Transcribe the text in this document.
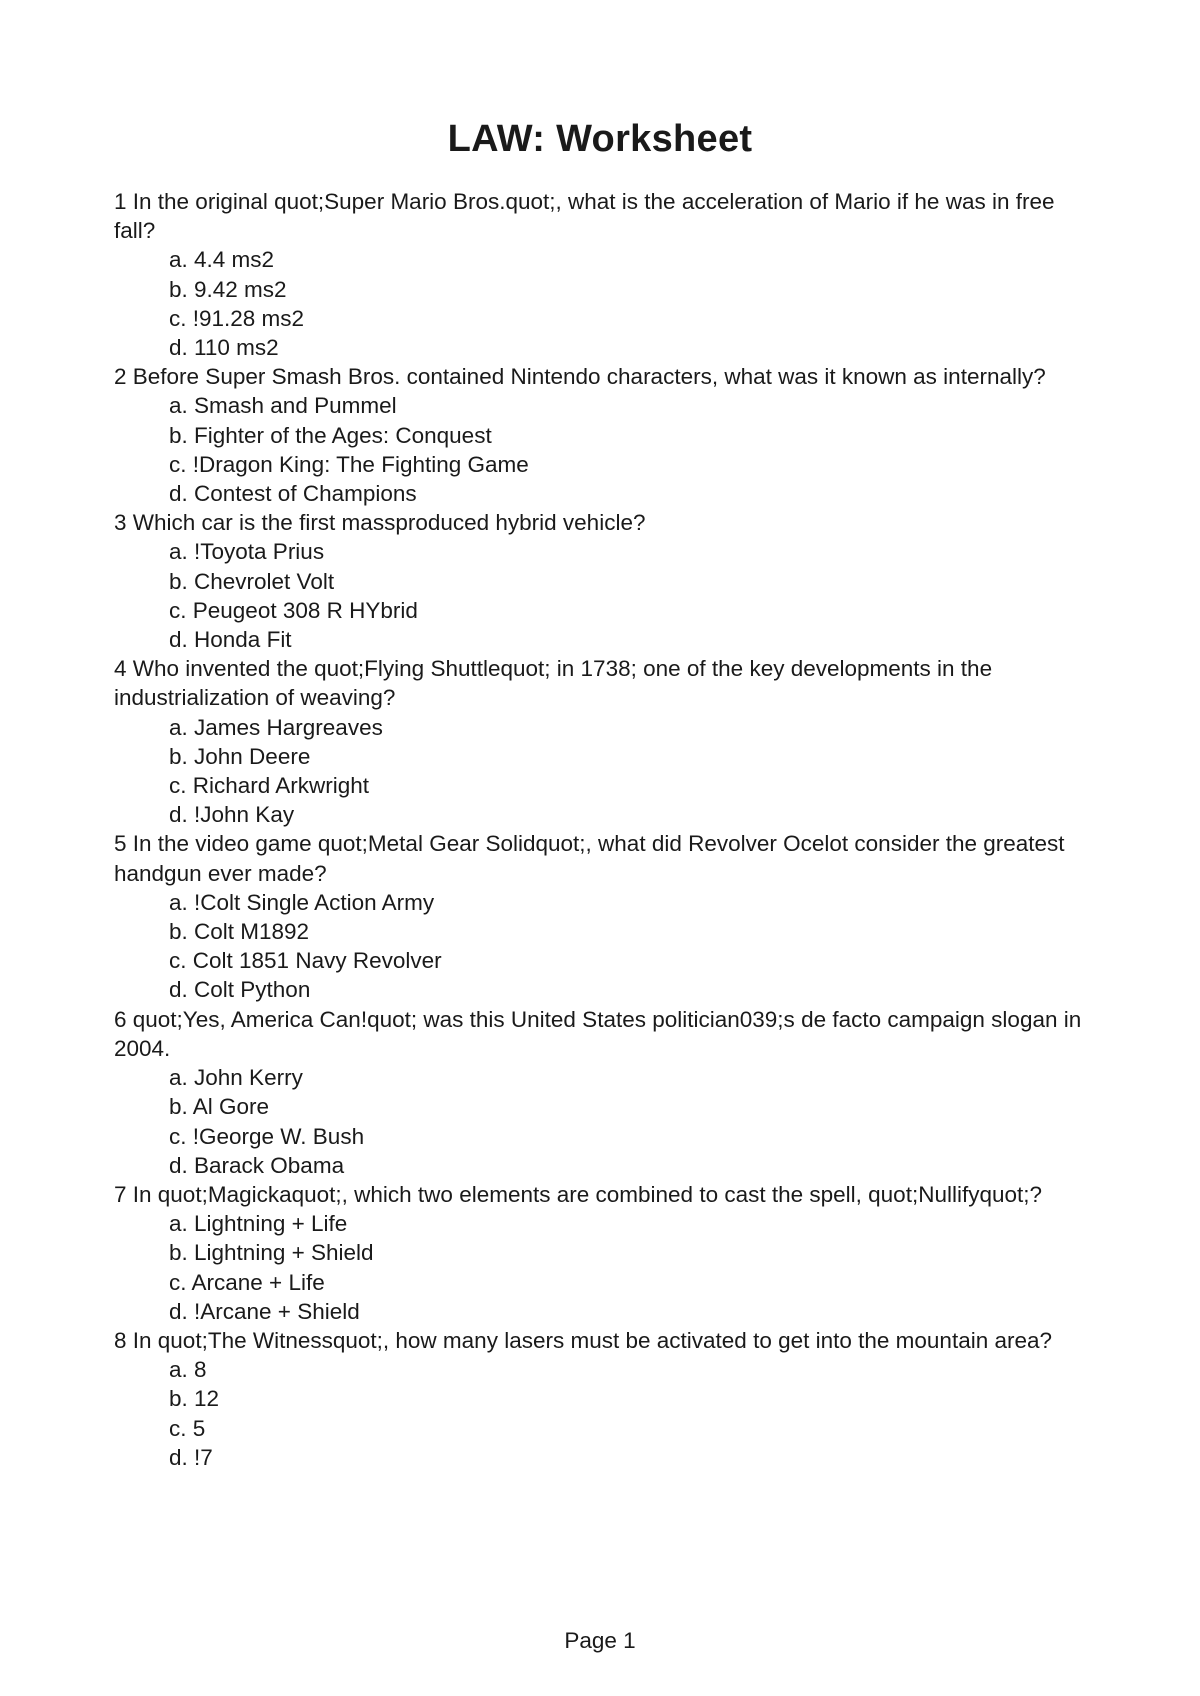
LAW: Worksheet
1 In the original quot;Super Mario Bros.quot;, what is the acceleration of Mario if he was in free fall?
a. 4.4 ms2
b. 9.42 ms2
c. !91.28 ms2
d. 110 ms2
2 Before Super Smash Bros. contained Nintendo characters, what was it known as internally?
a. Smash and Pummel
b. Fighter of the Ages: Conquest
c. !Dragon King: The Fighting Game
d. Contest of Champions
3 Which car is the first massproduced hybrid vehicle?
a. !Toyota Prius
b. Chevrolet Volt
c. Peugeot 308 R HYbrid
d. Honda Fit
4 Who invented the quot;Flying Shuttlequot; in 1738; one of the key developments in the industrialization of weaving?
a. James Hargreaves
b. John Deere
c. Richard Arkwright
d. !John Kay
5 In the video game quot;Metal Gear Solidquot;, what did Revolver Ocelot consider the greatest handgun ever made?
a. !Colt Single Action Army
b. Colt M1892
c. Colt 1851 Navy Revolver
d. Colt Python
6 quot;Yes, America Can!quot; was this United States politician039;s de facto campaign slogan in 2004.
a. John Kerry
b. Al Gore
c. !George W. Bush
d. Barack Obama
7 In quot;Magickaquot;, which two elements are combined to cast the spell, quot;Nullifyquot;?
a. Lightning + Life
b. Lightning + Shield
c. Arcane + Life
d. !Arcane + Shield
8 In quot;The Witnessquot;, how many lasers must be activated to get into the mountain area?
a. 8
b. 12
c. 5
d. !7
Page 1
